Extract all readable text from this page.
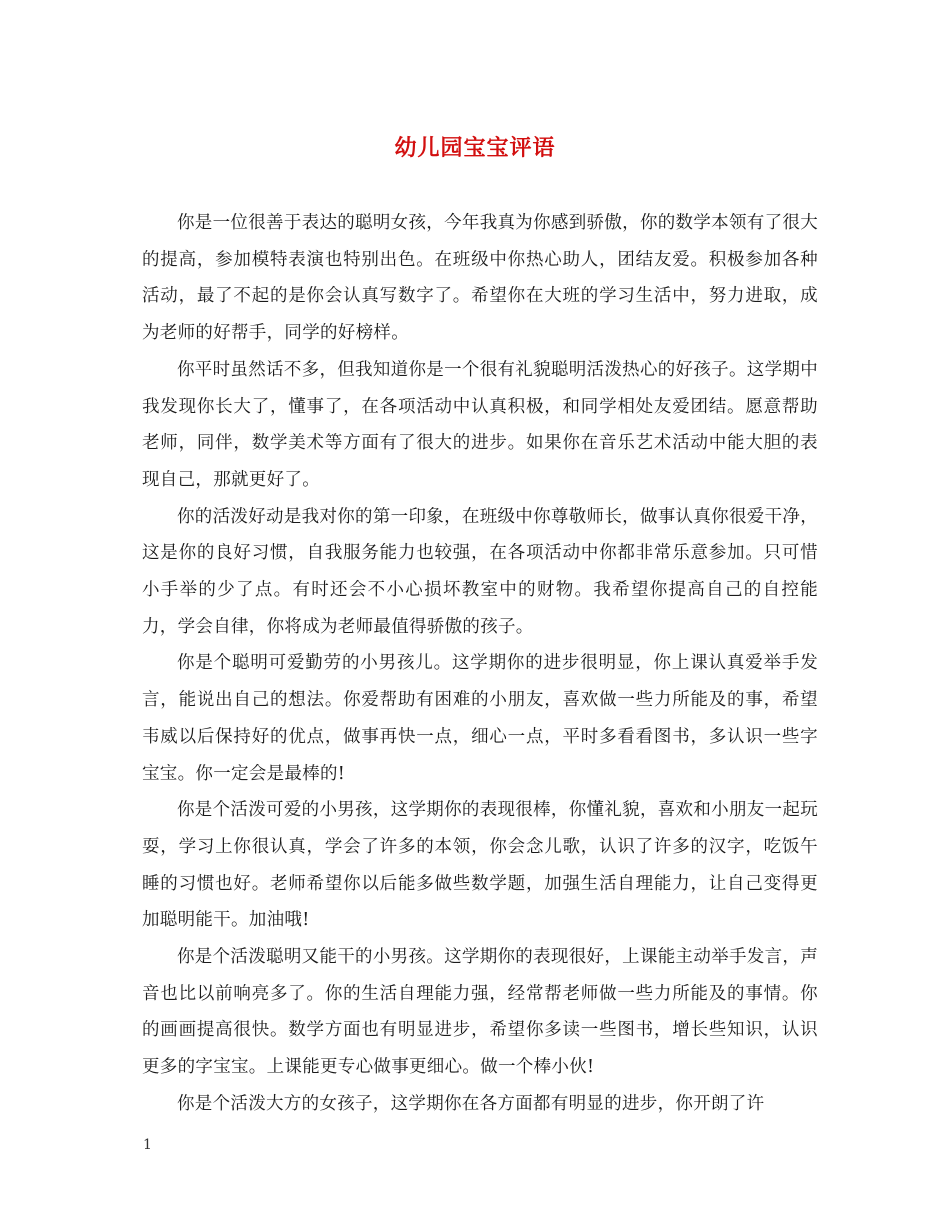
幼儿园宝宝评语

你是一位很善于表达的聪明女孩，今年我真为你感到骄傲，你的数学本领有了很大的提高，参加模特表演也特别出色。在班级中你热心助人，团结友爱。积极参加各种活动，最了不起的是你会认真写数字了。希望你在大班的学习生活中，努力进取，成为老师的好帮手，同学的好榜样。

你平时虽然话不多，但我知道你是一个很有礼貌聪明活泼热心的好孩子。这学期中我发现你长大了，懂事了，在各项活动中认真积极，和同学相处友爱团结。愿意帮助老师，同伴，数学美术等方面有了很大的进步。如果你在音乐艺术活动中能大胆的表现自己，那就更好了。

你的活泼好动是我对你的第一印象，在班级中你尊敬师长，做事认真你很爱干净，这是你的良好习惯，自我服务能力也较强，在各项活动中你都非常乐意参加。只可惜小手举的少了点。有时还会不小心损坏教室中的财物。我希望你提高自己的自控能力，学会自律，你将成为老师最值得骄傲的孩子。

你是个聪明可爱勤劳的小男孩儿。这学期你的进步很明显，你上课认真爱举手发言，能说出自己的想法。你爱帮助有困难的小朋友，喜欢做一些力所能及的事，希望韦威以后保持好的优点，做事再快一点，细心一点，平时多看看图书，多认识一些字宝宝。你一定会是最棒的!

你是个活泼可爱的小男孩，这学期你的表现很棒，你懂礼貌，喜欢和小朋友一起玩耍，学习上你很认真，学会了许多的本领，你会念儿歌，认识了许多的汉字，吃饭午睡的习惯也好。老师希望你以后能多做些数学题，加强生活自理能力，让自己变得更加聪明能干。加油哦!

你是个活泼聪明又能干的小男孩。这学期你的表现很好，上课能主动举手发言，声音也比以前响亮多了。你的生活自理能力强，经常帮老师做一些力所能及的事情。你的画画提高很快。数学方面也有明显进步，希望你多读一些图书，增长些知识，认识更多的字宝宝。上课能更专心做事更细心。做一个棒小伙!

你是个活泼大方的女孩子，这学期你在各方面都有明显的进步，你开朗了许

1
